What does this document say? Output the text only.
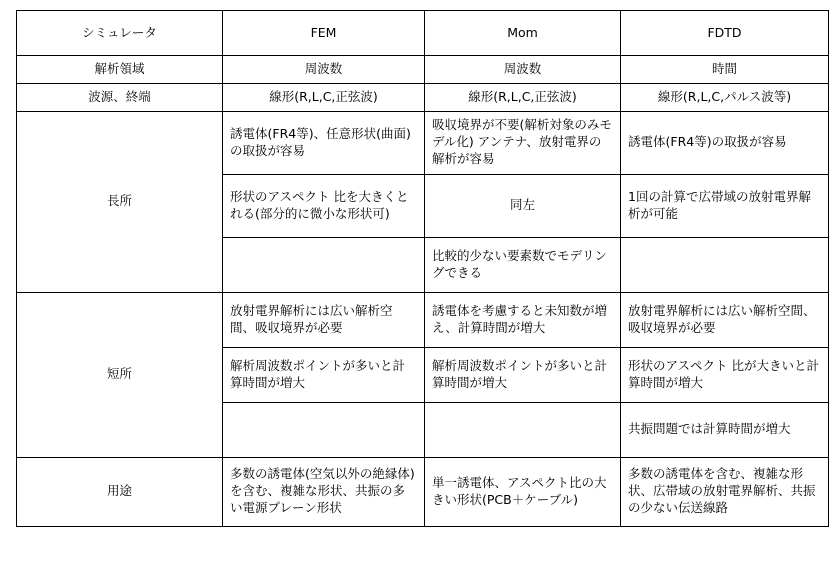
シミュレータ	FEM	Mom	FDTD
解析領域	周波数	周波数	時間
波源、終端	線形(R,L,C,正弦波)	線形(R,L,C,正弦波)	線形(R,L,C,パルス波等)
長所	誘電体(FR4等)、任意形状(曲面)の取扱が容易	吸収境界が不要(解析対象のみモデル化) アンテナ、放射電界の解析が容易	誘電体(FR4等)の取扱が容易
	形状のアスペクト 比を大きくとれる(部分的に微小な形状可)	同左	1回の計算で広帯域の放射電界解析が可能
		比較的少ない要素数でモデリングできる	
短所	放射電界解析には広い解析空間、吸収境界が必要	誘電体を考慮すると未知数が増え、計算時間が増大	放射電界解析には広い解析空間、吸収境界が必要
	解析周波数ポイントが多いと計算時間が増大	解析周波数ポイントが多いと計算時間が増大	形状のアスペクト 比が大きいと計算時間が増大
			共振問題では計算時間が増大
用途	多数の誘電体(空気以外の絶縁体)を含む、複雑な形状、共振の多い電源プレーン形状	単一誘電体、アスペクト比の大きい形状(PCB＋ケーブル)	多数の誘電体を含む、複雑な形状、広帯域の放射電界解析、共振の少ない伝送線路
